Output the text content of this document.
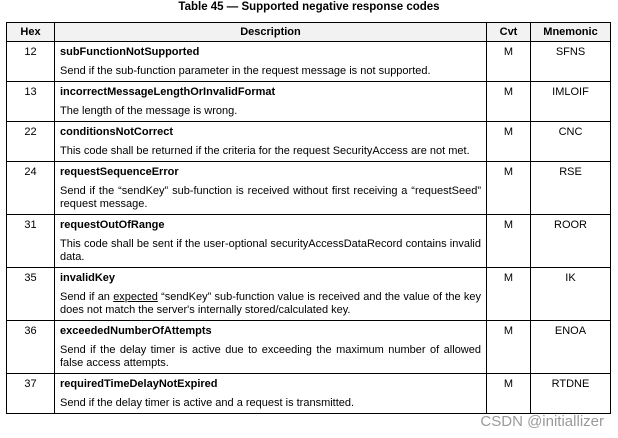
Table 45 — Supported negative response codes
Hex	Description	Cvt	Mnemonic
12	subFunctionNotSupported
Send if the sub-function parameter in the request message is not supported.	M	SFNS
13	incorrectMessageLengthOrInvalidFormat
The length of the message is wrong.	M	IMLOIF
22	conditionsNotCorrect
This code shall be returned if the criteria for the request SecurityAccess are not met.	M	CNC
24	requestSequenceError
Send if the “sendKey” sub-function is received without first receiving a “requestSeed” request message.	M	RSE
31	requestOutOfRange
This code shall be sent if the user-optional securityAccessDataRecord contains invalid data.	M	ROOR
35	invalidKey
Send if an expected “sendKey” sub-function value is received and the value of the key does not match the server's internally stored/calculated key.	M	IK
36	exceededNumberOfAttempts
Send if the delay timer is active due to exceeding the maximum number of allowed false access attempts.	M	ENOA
37	requiredTimeDelayNotExpired
Send if the delay timer is active and a request is transmitted.	M	RTDNE
CSDN @initiallizer
